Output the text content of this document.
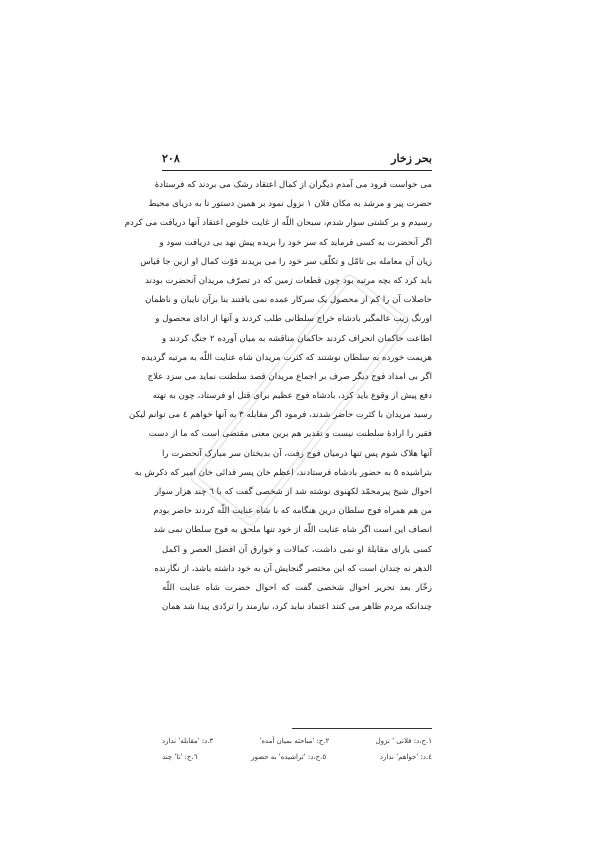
۲۰۸	بحر زخار
می خواست فرود می آمدم دیگران از کمال اعتقاد رشک می بردند که فرستادهٔ
حضرت پیر و مرشد به مکان فلان ١ نزول نمود بر همین دستور تا به دریای محیط
رسیدم و بر کشتی سوار شدم، سبحان اللّه از غایت خلوص اعتقاد آنها دریافت می کردم
اگر آنحضرت به کسی فرماید که سر خود را بریده پیش نهد بی دریافت سود و
زیان آن معامله بی تامّل و تکلّف سر خود را می بریدند قوّت کمال او ازین جا قیاس
باید کرد که بچه مرتبه بود چون قطعات زمین که در تصرّف مریدان آنحضرت بودند
حاصلات آن را کم از محصول یک سرکار عمده نمی یافتند بنا برآن نایبان و ناظمان
اورنگ زیب عالمگیر بادشاه خراج سلطانی طلب کردند و آنها از ادای محصول و
اطاعت حاکمان انحراف کردند حاکمان مناقشه به میان آورده ٢ جنگ کردند و
هزیمت خورده به سلطان نوشتند که کثرت مریدان شاه عنایت اللّه به مرتبه گردیده
اگر بی امداد فوج دیگر صرف بر اجماع مریدان قصد سلطنت نماید می سزد علاج
دفع پیش از وقوع باید کرد، بادشاه فوج عظیم برای قتل او فرستاد، چون به تهته
رسید مریدان با کثرت حاضر شدند، فرمود اگر مقابله ٣ به آنها خواهم ٤ می توانم لیکن
فقیر را ارادهٔ سلطنت نیست و تقدیر هم برین معنی مقتضی است که ما از دست
آنها هلاک شوم پس تنها درمیان فوج رفت، آن بدبختان سر مبارک آنحضرت را
بتراشیده ٥ به حضور بادشاه فرستادند، اعظم خان پسر فدائی خان امیر که ذکرش به
احوال شیخ پیرمحمّد لکهنوی نوشته شد از شخصی گفت که با ٦ چند هزار سوار
من هم همراه فوج سلطان درین هنگامه که با شاه عنایت اللّه کردند حاضر بودم
انصاف این است اگر شاه عنایت اللّه از خود تنها ملحق به فوج سلطان نمی شد
کسی یارای مقابلهٔ او نمی داشت، کمالات و خوارق آن افضل العصر و اکمل
الدهر نه چندان است که این مختصر گنجایش آن به خود داشته باشد، از نگارنده
زخّار بعد تحریر احوال شخصی گفت که احوال حضرت شاه عنایت اللّه
چندانکه مردم ظاهر می کنند اعتماد نباید کرد، نیازمند را تردّدی پیدا شد همان
١.ج،د: فلانی ' نزول
٢.ج: 'مباحثه بمیان آمده'
٣.د: 'مقابله' ندارد
٤.د: 'خواهم' ندارد
٥.ج،د: 'تراشیده' به حضور
٦.ج: 'تا' چند
